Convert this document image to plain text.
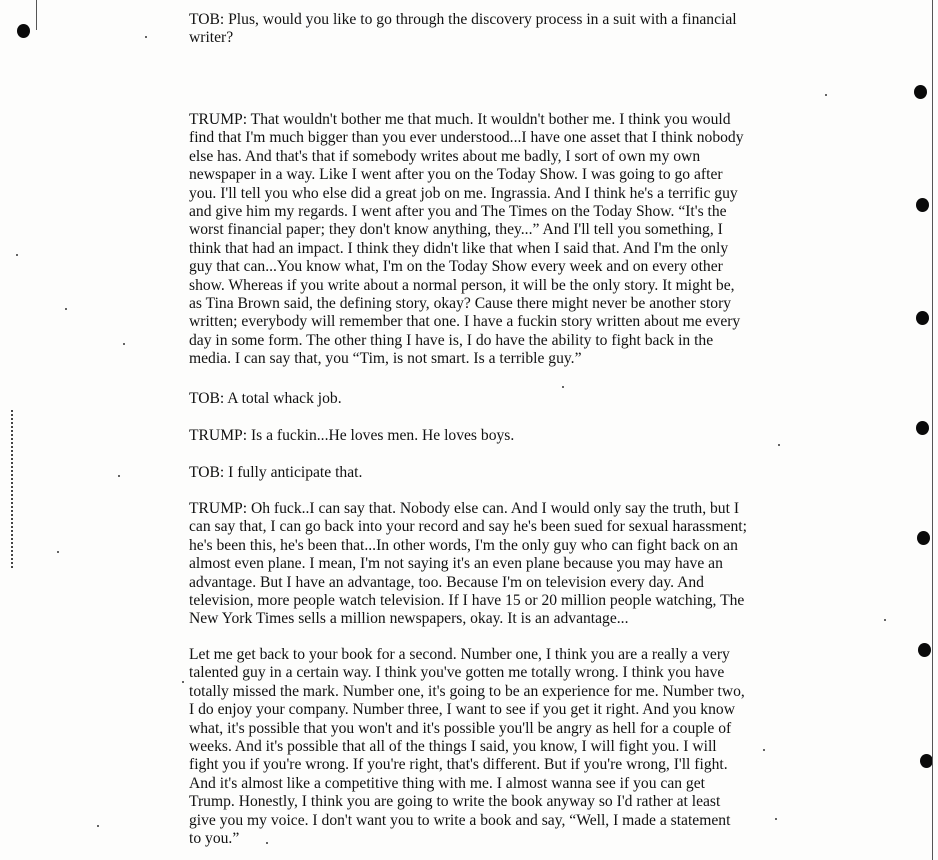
TOB: Plus, would you like to go through the discovery process in a suit with a financial
writer?
TRUMP: That wouldn't bother me that much. It wouldn't bother me. I think you would
find that I'm much bigger than you ever understood...I have one asset that I think nobody
else has. And that's that if somebody writes about me badly, I sort of own my own
newspaper in a way. Like I went after you on the Today Show. I was going to go after
you. I'll tell you who else did a great job on me. Ingrassia. And I think he's a terrific guy
and give him my regards. I went after you and The Times on the Today Show. “It's the
worst financial paper; they don't know anything, they...” And I'll tell you something, I
think that had an impact. I think they didn't like that when I said that. And I'm the only
guy that can...You know what, I'm on the Today Show every week and on every other
show. Whereas if you write about a normal person, it will be the only story. It might be,
as Tina Brown said, the defining story, okay? Cause there might never be another story
written; everybody will remember that one. I have a fuckin story written about me every
day in some form. The other thing I have is, I do have the ability to fight back in the
media. I can say that, you “Tim, is not smart. Is a terrible guy.”
TOB: A total whack job.
TRUMP: Is a fuckin...He loves men. He loves boys.
TOB: I fully anticipate that.
TRUMP: Oh fuck..I can say that. Nobody else can. And I would only say the truth, but I
can say that, I can go back into your record and say he's been sued for sexual harassment;
he's been this, he's been that...In other words, I'm the only guy who can fight back on an
almost even plane. I mean, I'm not saying it's an even plane because you may have an
advantage. But I have an advantage, too. Because I'm on television every day. And
television, more people watch television. If I have 15 or 20 million people watching, The
New York Times sells a million newspapers, okay. It is an advantage...
Let me get back to your book for a second. Number one, I think you are a really a very
talented guy in a certain way. I think you've gotten me totally wrong. I think you have
totally missed the mark. Number one, it's going to be an experience for me. Number two,
I do enjoy your company. Number three, I want to see if you get it right. And you know
what, it's possible that you won't and it's possible you'll be angry as hell for a couple of
weeks. And it's possible that all of the things I said, you know, I will fight you. I will
fight you if you're wrong. If you're right, that's different. But if you're wrong, I'll fight.
And it's almost like a competitive thing with me. I almost wanna see if you can get
Trump. Honestly, I think you are going to write the book anyway so I'd rather at least
give you my voice. I don't want you to write a book and say, “Well, I made a statement
to you.”
